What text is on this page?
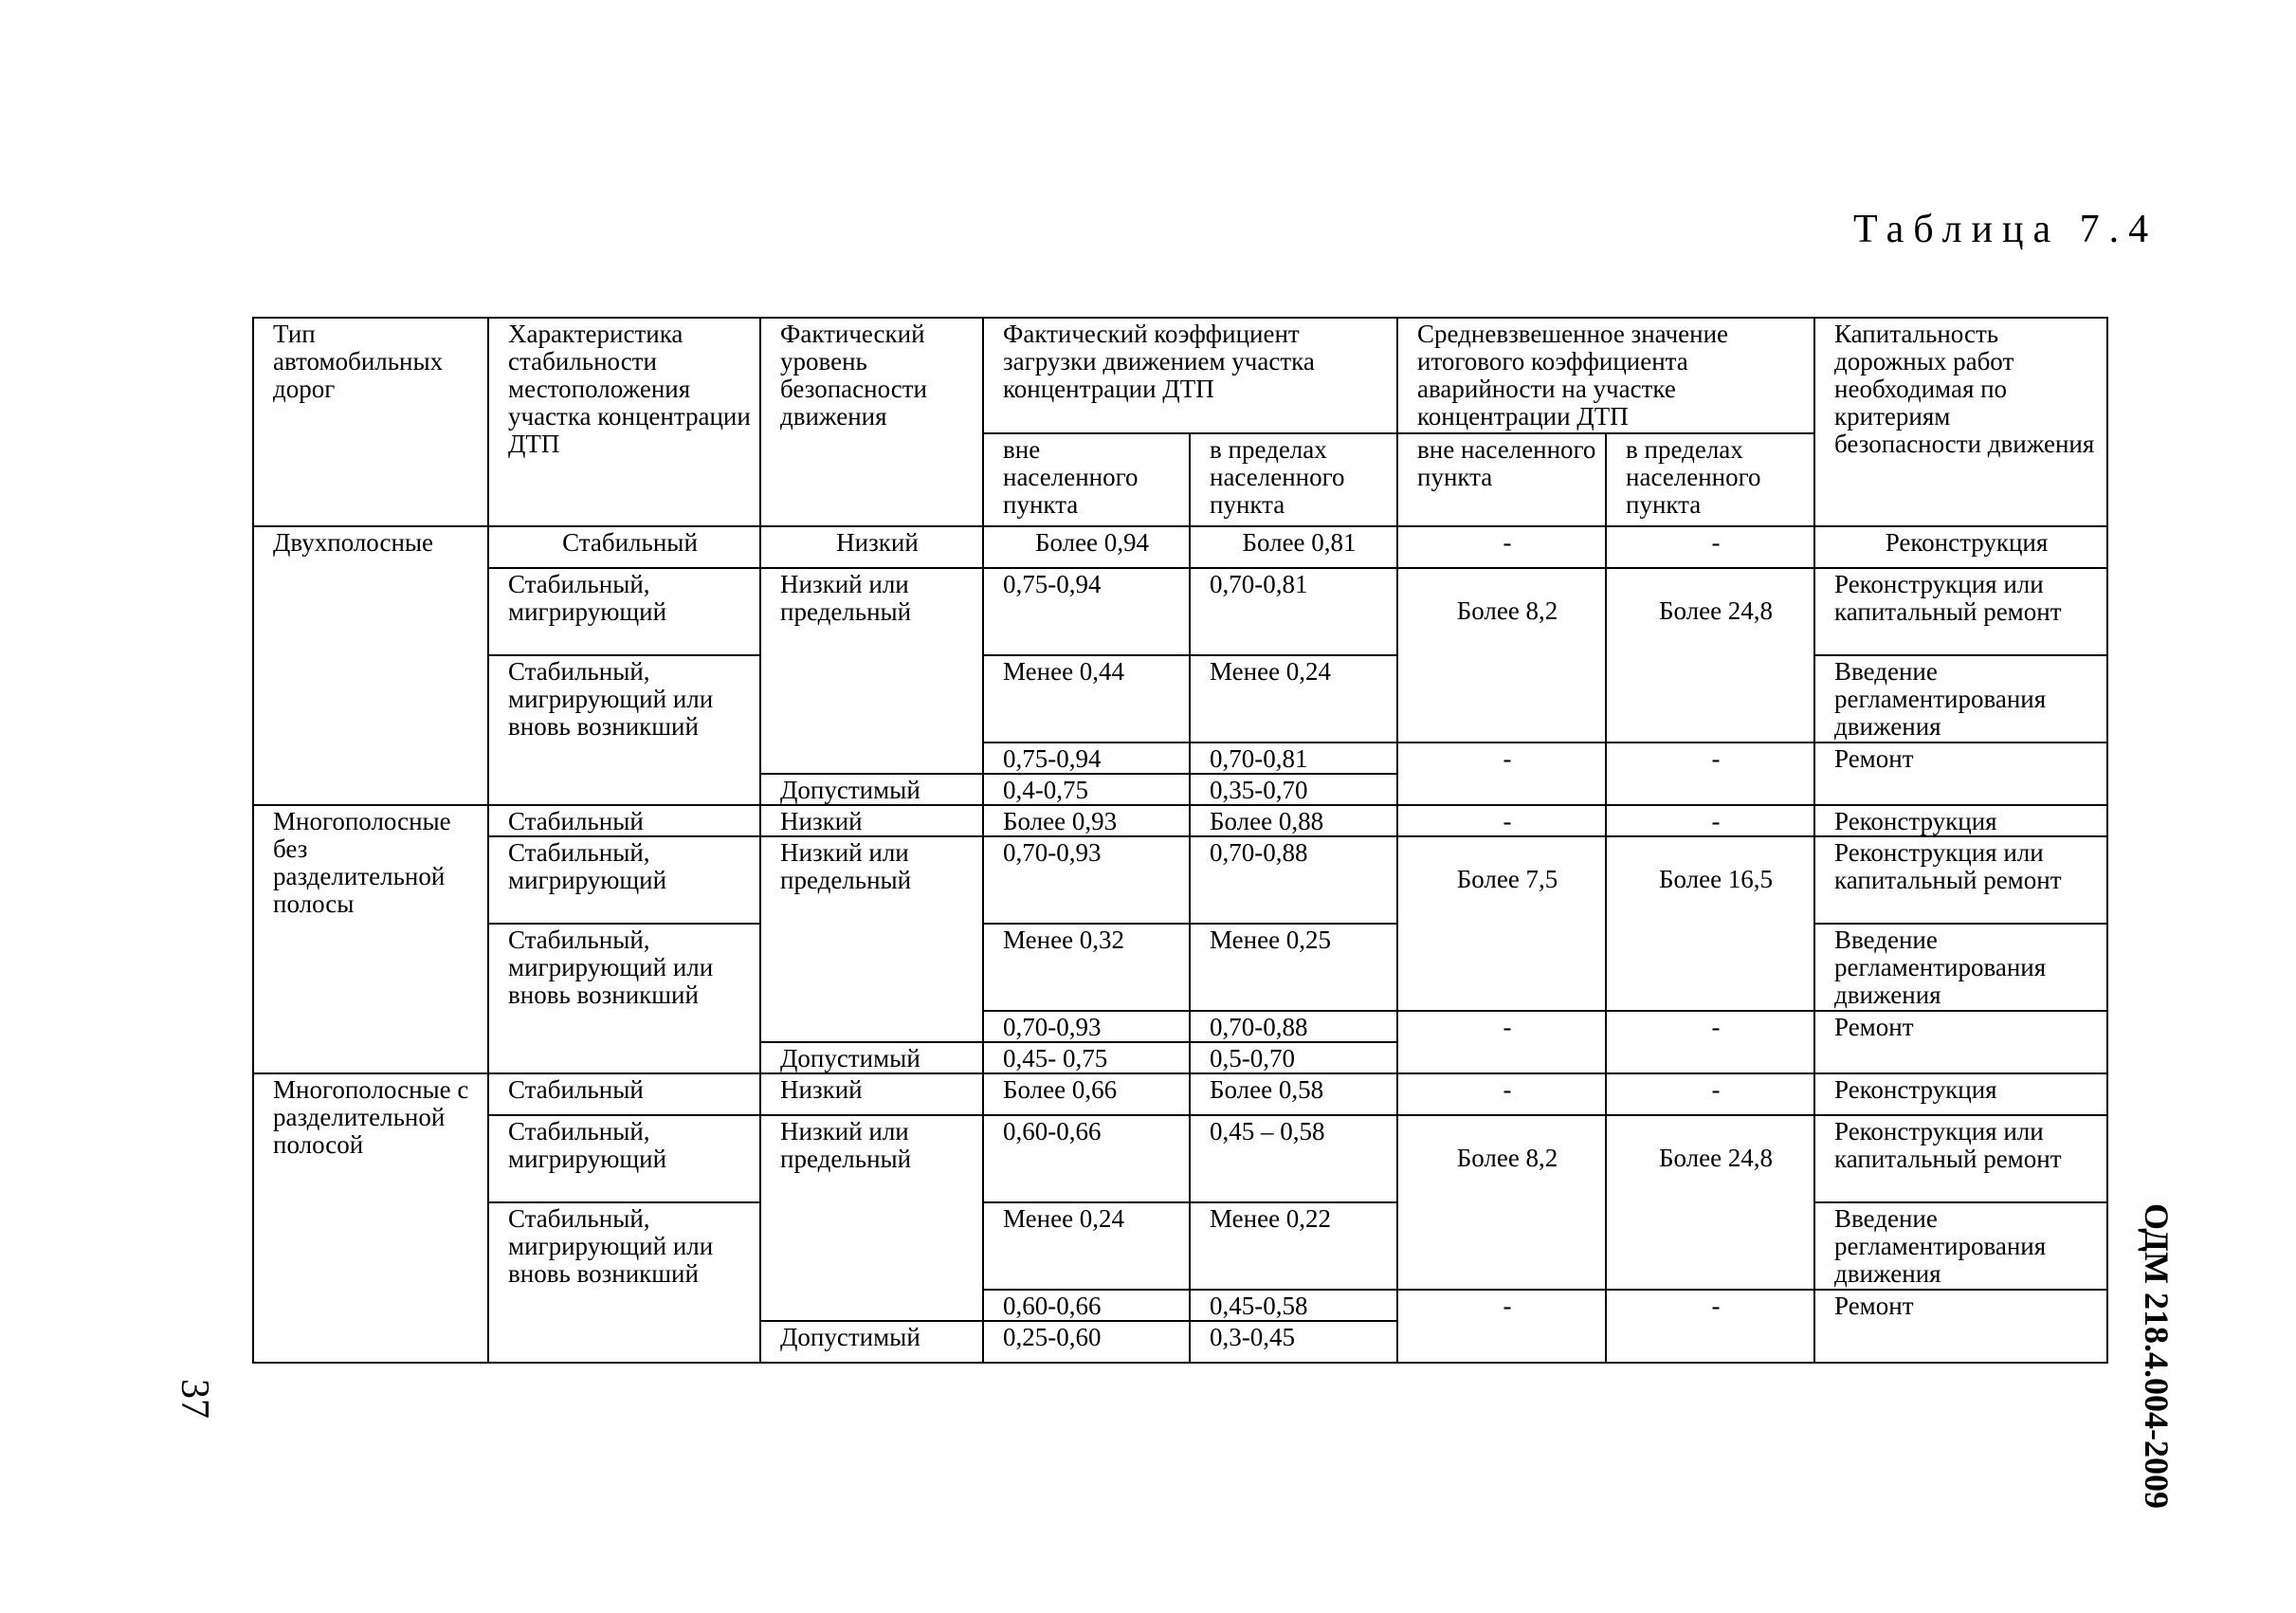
Таблица 7.4
ОДМ 218.4.004-2009
37
Тип автомобильных дорог	Характеристика стабильности местоположения участка концентрации ДТП	Фактический уровень безопасности движения	Фактический коэффициент загрузки движением участка концентрации ДТП		Средневзвешенное значение итогового коэффициента аварийности на участке концентрации ДТП		Капитальность дорожных работ необходимая по критериям безопасности движения
			вне населенного пункта	в пределах населенного пункта	вне населенного пункта	в пределах населенного пункта	
Двухполосные	Стабильный	Низкий	Более 0,94	Более 0,81	-	-	Реконструкция
	Стабильный, мигрирующий	Низкий или предельный	0,75-0,94	0,70-0,81	Более 8,2	Более 24,8	Реконструкция или капитальный ремонт
	Стабильный, мигрирующий или вновь возникший		Менее 0,44	Менее 0,24			Введение регламентирования движения
			0,75-0,94	0,70-0,81	-	-	Ремонт
		Допустимый	0,4-0,75	0,35-0,70			
Многополосные без разделительной полосы	Стабильный	Низкий	Более 0,93	Более 0,88	-	-	Реконструкция
	Стабильный, мигрирующий	Низкий или предельный	0,70-0,93	0,70-0,88	Более 7,5	Более 16,5	Реконструкция или капитальный ремонт
	Стабильный, мигрирующий или вновь возникший		Менее 0,32	Менее 0,25			Введение регламентирования движения
			0,70-0,93	0,70-0,88	-	-	Ремонт
		Допустимый	0,45- 0,75	0,5-0,70			
Многополосные с разделительной полосой	Стабильный	Низкий	Более 0,66	Более 0,58	-	-	Реконструкция
	Стабильный, мигрирующий	Низкий или предельный	0,60-0,66	0,45 – 0,58	Более 8,2	Более 24,8	Реконструкция или капитальный ремонт
	Стабильный, мигрирующий или вновь возникший		Менее 0,24	Менее 0,22			Введение регламентирования движения
			0,60-0,66	0,45-0,58	-	-	Ремонт
		Допустимый	0,25-0,60	0,3-0,45			
